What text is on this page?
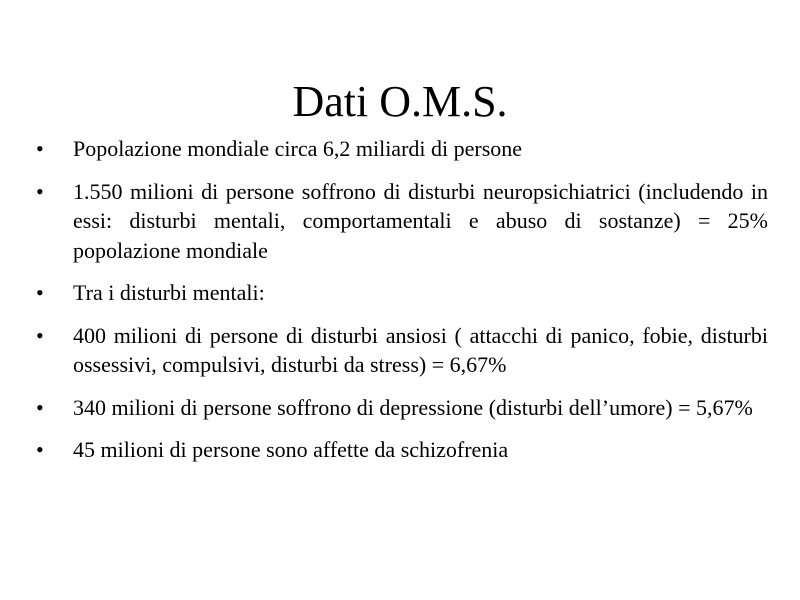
Dati O.M.S.
•	Popolazione mondiale circa 6,2 miliardi di persone
•	1.550 milioni di persone soffrono di disturbi neuropsichiatrici (includendo in essi: disturbi mentali, comportamentali e abuso di sostanze) = 25% popolazione mondiale
•	Tra i disturbi mentali:
•	400 milioni di persone di disturbi ansiosi ( attacchi di panico, fobie, disturbi ossessivi, compulsivi, disturbi da stress) = 6,67%
•	340 milioni di persone soffrono di depressione (disturbi dell’umore) = 5,67%
•	45 milioni di persone sono affette da schizofrenia
